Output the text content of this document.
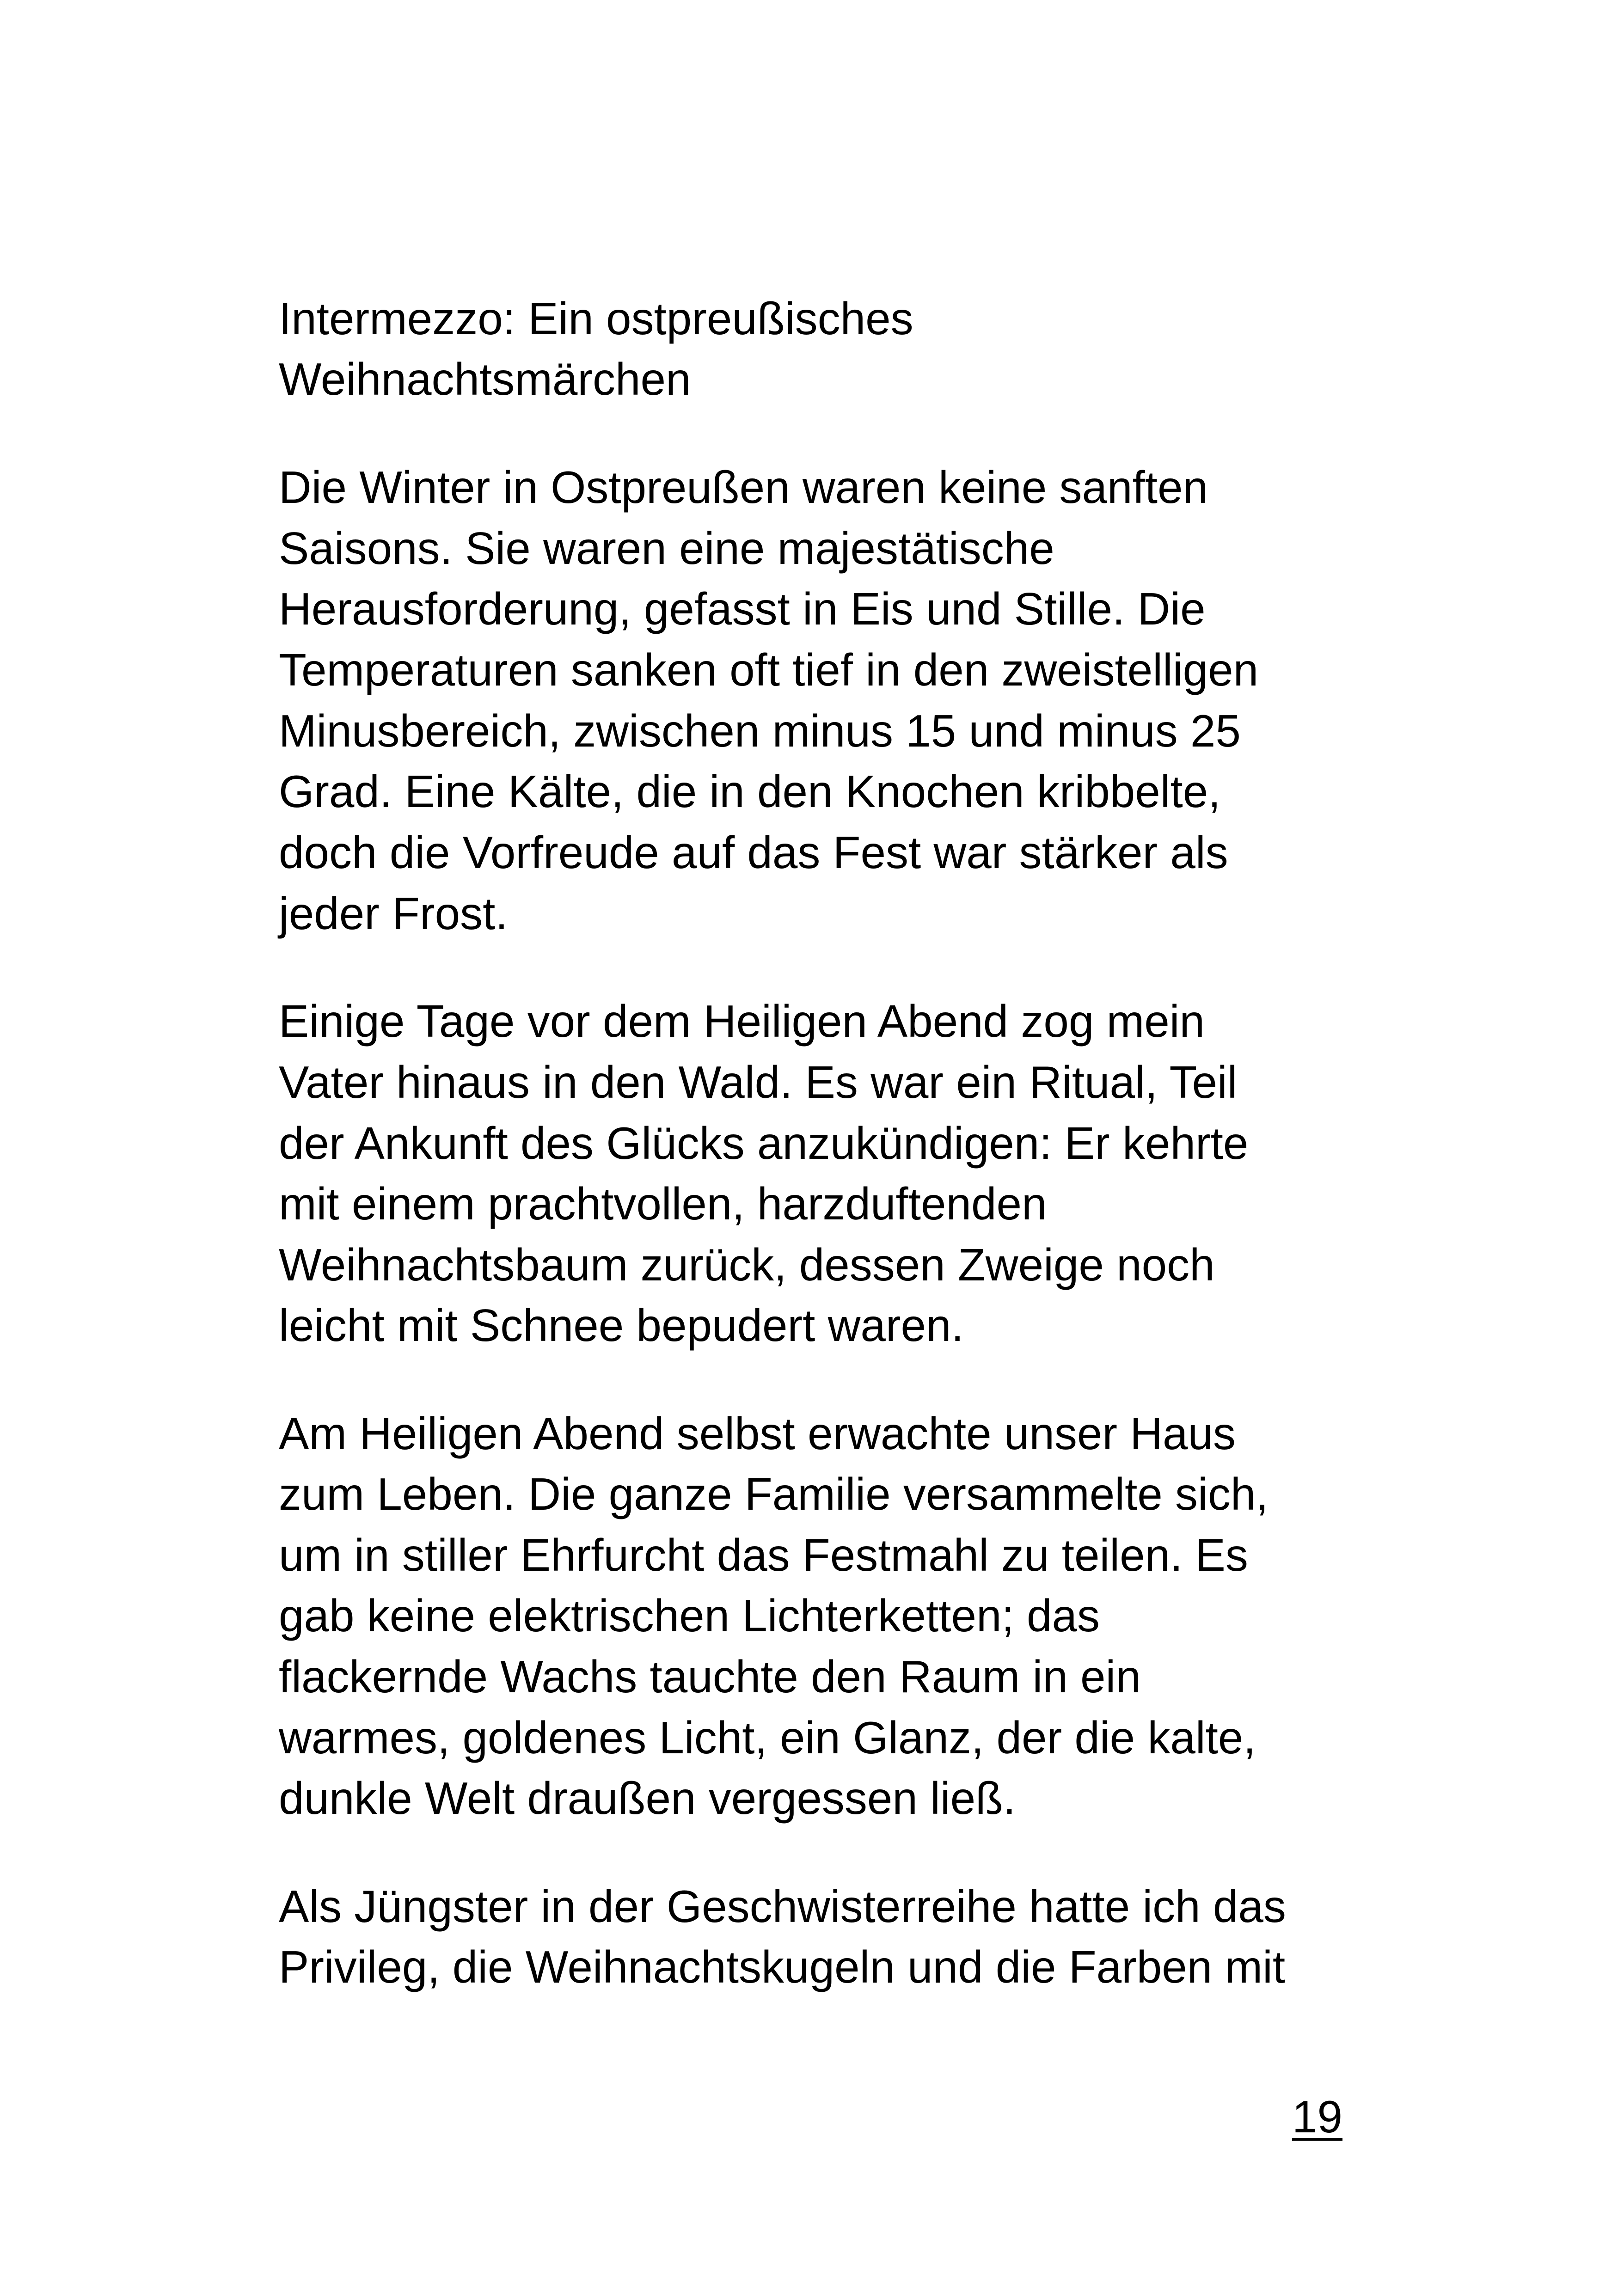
Intermezzo: Ein ostpreußisches
Weihnachtsmärchen
Die Winter in Ostpreußen waren keine sanften
Saisons. Sie waren eine majestätische
Herausforderung, gefasst in Eis und Stille. Die
Temperaturen sanken oft tief in den zweistelligen
Minusbereich, zwischen minus 15 und minus 25
Grad. Eine Kälte, die in den Knochen kribbelte,
doch die Vorfreude auf das Fest war stärker als
jeder Frost.
Einige Tage vor dem Heiligen Abend zog mein
Vater hinaus in den Wald. Es war ein Ritual, Teil
der Ankunft des Glücks anzukündigen: Er kehrte
mit einem prachtvollen, harzduftenden
Weihnachtsbaum zurück, dessen Zweige noch
leicht mit Schnee bepudert waren.
Am Heiligen Abend selbst erwachte unser Haus
zum Leben. Die ganze Familie versammelte sich,
um in stiller Ehrfurcht das Festmahl zu teilen. Es
gab keine elektrischen Lichterketten; das
flackernde Wachs tauchte den Raum in ein
warmes, goldenes Licht, ein Glanz, der die kalte,
dunkle Welt draußen vergessen ließ.
Als Jüngster in der Geschwisterreihe hatte ich das
Privileg, die Weihnachtskugeln und die Farben mit
19
